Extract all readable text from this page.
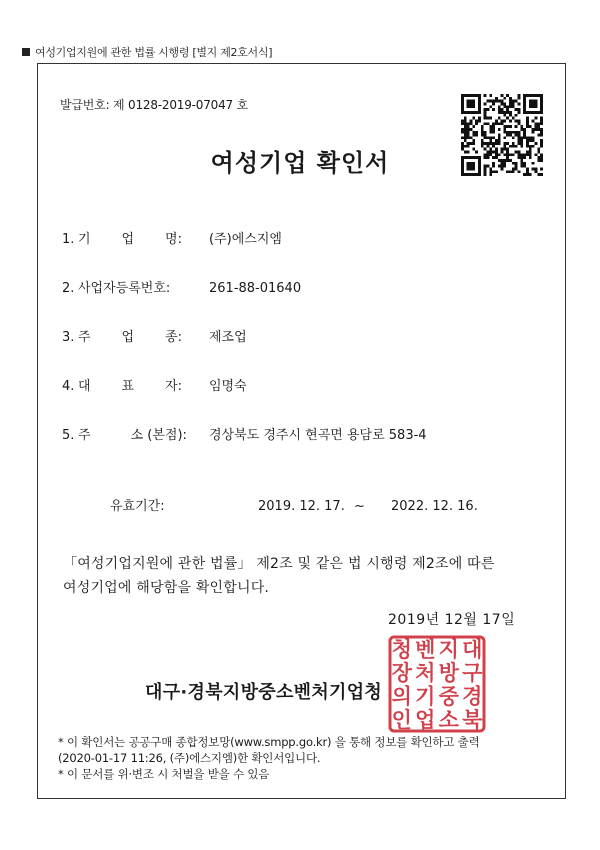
여성기업지원에 관한 법률 시행령 [별지 제2호서식]
발급번호: 제 0128-2019-07047 호
여성기업 확인서
1. 기 업 명: (주)에스지엠
2. 사업자등록번호:	261-88-01640
3. 주 업 종: 제조업
4. 대 표 자: 임명숙
5. 주	소 (본점): 경상북도 경주시 현곡면 용담로 583-4
유효기간:	2019. 12. 17. ~ 2022. 12. 16.
「여성기업지원에 관한 법률」 제2조 및 같은 법 시행령 제2조에 따른
여성기업에 해당함을 확인합니다.
2019년 12월 17일
대구·경북지방중소벤처기업청
대
구
경
북
지
방
중
소
벤
처
기
업
청
장
의
인
* 이 확인서는 공공구매 종합정보망(www.smpp.go.kr) 을 통해 정보를 확인하고 출력
(2020-01-17 11:26, (주)에스지엠)한 확인서입니다.
* 이 문서를 위·변조 시 처벌을 받을 수 있음
